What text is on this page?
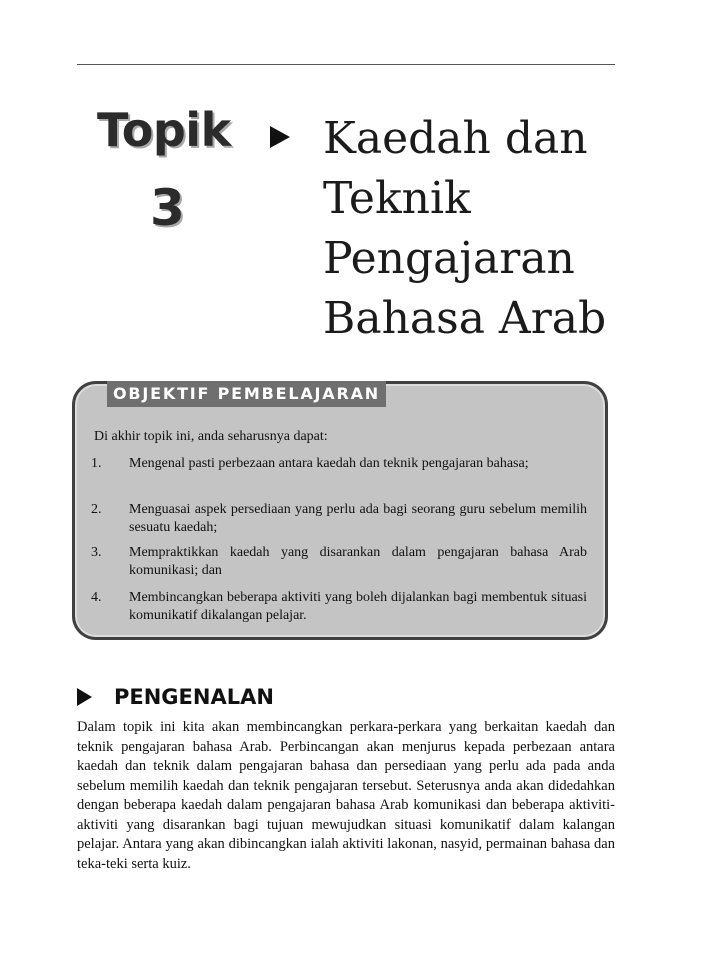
Topik
3
Kaedah dan
Teknik
Pengajaran
Bahasa Arab
OBJEKTIF PEMBELAJARAN
Di akhir topik ini, anda seharusnya dapat:
1. Mengenal pasti perbezaan antara kaedah dan teknik pengajaran bahasa;
2. Menguasai aspek persediaan yang perlu ada bagi seorang guru sebelum memilih sesuatu kaedah;
3. Mempraktikkan kaedah yang disarankan dalam pengajaran bahasa Arab komunikasi; dan
4. Membincangkan beberapa aktiviti yang boleh dijalankan bagi membentuk situasi komunikatif dikalangan pelajar.
PENGENALAN
Dalam topik ini kita akan membincangkan perkara-perkara yang berkaitan kaedah dan teknik pengajaran bahasa Arab. Perbincangan akan menjurus kepada perbezaan antara kaedah dan teknik dalam pengajaran bahasa dan persediaan yang perlu ada pada anda sebelum memilih kaedah dan teknik pengajaran tersebut. Seterusnya anda akan didedahkan dengan beberapa kaedah dalam pengajaran bahasa Arab komunikasi dan beberapa aktiviti-aktiviti yang disarankan bagi tujuan mewujudkan situasi komunikatif dalam kalangan pelajar. Antara yang akan dibincangkan ialah aktiviti lakonan, nasyid, permainan bahasa dan teka-teki serta kuiz.
